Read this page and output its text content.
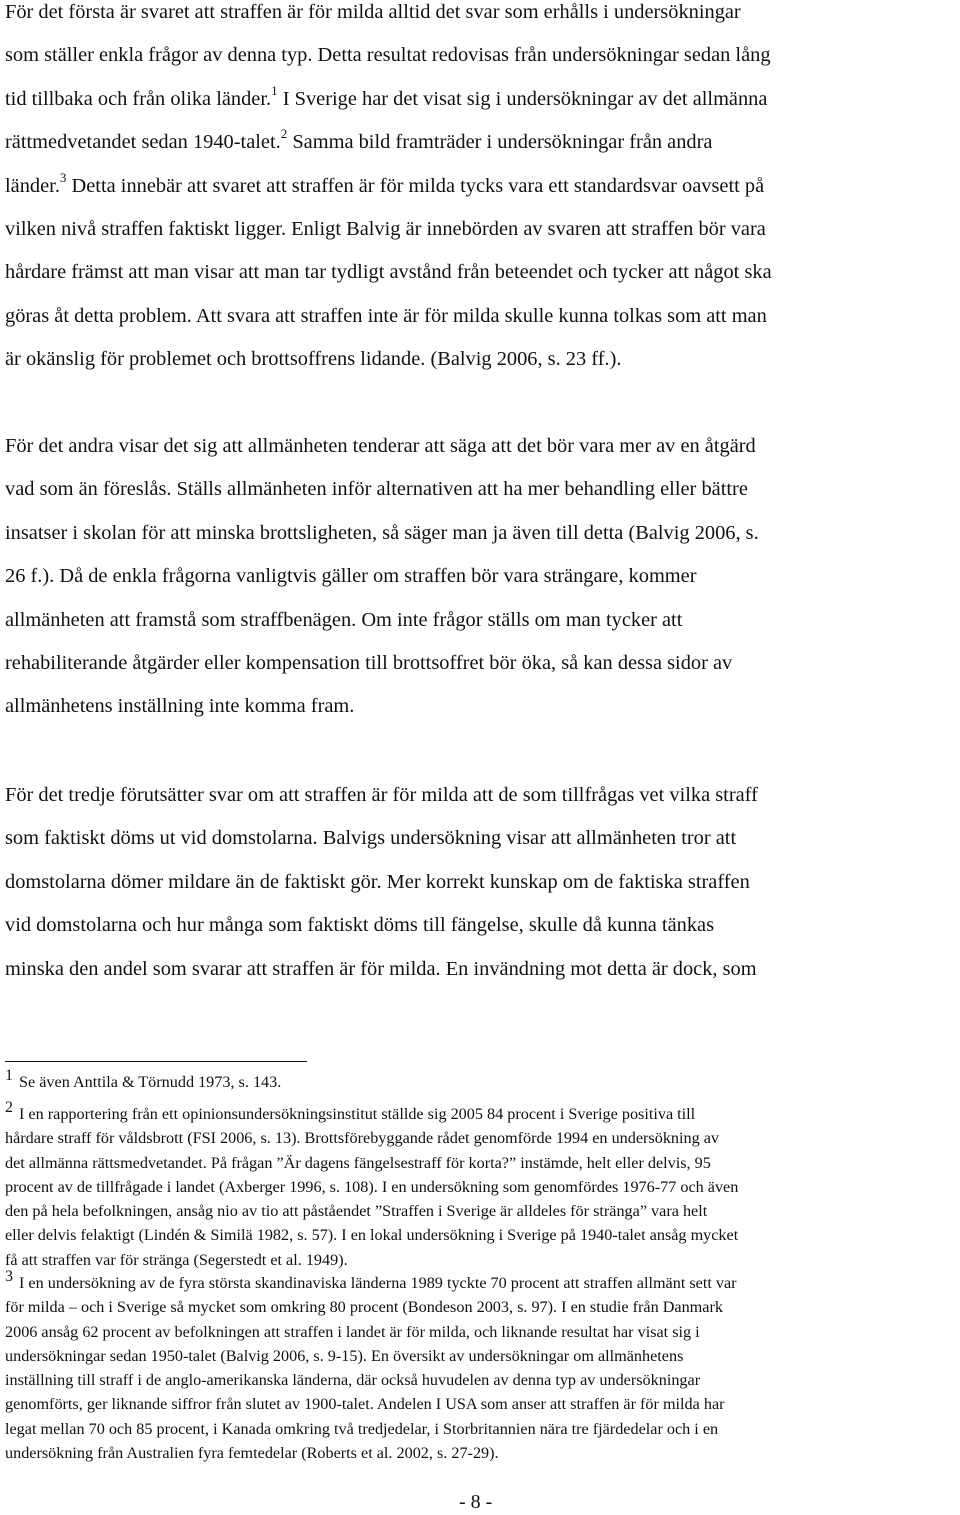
För det första är svaret att straffen är för milda alltid det svar som erhålls i undersökningar
som ställer enkla frågor av denna typ. Detta resultat redovisas från undersökningar sedan lång
tid tillbaka och från olika länder.$^1$ I Sverige har det visat sig i undersökningar av det allmänna
rättmedvetandet sedan 1940-talet.$^2$ Samma bild framträder i undersökningar från andra
länder.$^3$ Detta innebär att svaret att straffen är för milda tycks vara ett standardsvar oavsett på
vilken nivå straffen faktiskt ligger. Enligt Balvig är innebörden av svaren att straffen bör vara
hårdare främst att man visar att man tar tydligt avstånd från beteendet och tycker att något ska
göras åt detta problem. Att svara att straffen inte är för milda skulle kunna tolkas som att man
är okänslig för problemet och brottsoffrens lidande. (Balvig 2006, s. 23 ff.).

För det andra visar det sig att allmänheten tenderar att säga att det bör vara mer av en åtgärd
vad som än föreslås. Ställs allmänheten inför alternativen att ha mer behandling eller bättre
insatser i skolan för att minska brottsligheten, så säger man ja även till detta (Balvig 2006, s.
26 f.). Då de enkla frågorna vanligtvis gäller om straffen bör vara strängare, kommer
allmänheten att framstå som straffbenägen. Om inte frågor ställs om man tycker att
rehabiliterande åtgärder eller kompensation till brottsoffret bör öka, så kan dessa sidor av
allmänhetens inställning inte komma fram.

För det tredje förutsätter svar om att straffen är för milda att de som tillfrågas vet vilka straff
som faktiskt döms ut vid domstolarna. Balvigs undersökning visar att allmänheten tror att
domstolarna dömer mildare än de faktiskt gör. Mer korrekt kunskap om de faktiska straffen
vid domstolarna och hur många som faktiskt döms till fängelse, skulle då kunna tänkas
minska den andel som svarar att straffen är för milda. En invändning mot detta är dock, som

1 Se även Anttila & Törnudd 1973, s. 143.

2 I en rapportering från ett opinionsundersökningsinstitut ställde sig 2005 84 procent i Sverige positiva till
hårdare straff för våldsbrott (FSI 2006, s. 13). Brottsförebyggande rådet genomförde 1994 en undersökning av
det allmänna rättsmedvetandet. På frågan ”Är dagens fängelsestraff för korta?” instämde, helt eller delvis, 95
procent av de tillfrågade i landet (Axberger 1996, s. 108). I en undersökning som genomfördes 1976-77 och även
den på hela befolkningen, ansåg nio av tio att påståendet ”Straffen i Sverige är alldeles för stränga” vara helt
eller delvis felaktigt (Lindén & Similä 1982, s. 57). I en lokal undersökning i Sverige på 1940-talet ansåg mycket
få att straffen var för stränga (Segerstedt et al. 1949).

3 I en undersökning av de fyra största skandinaviska länderna 1989 tyckte 70 procent att straffen allmänt sett var
för milda – och i Sverige så mycket som omkring 80 procent (Bondeson 2003, s. 97). I en studie från Danmark
2006 ansåg 62 procent av befolkningen att straffen i landet är för milda, och liknande resultat har visat sig i
undersökningar sedan 1950-talet (Balvig 2006, s. 9-15). En översikt av undersökningar om allmänhetens
inställning till straff i de anglo-amerikanska länderna, där också huvudelen av denna typ av undersökningar
genomförts, ger liknande siffror från slutet av 1900-talet. Andelen I USA som anser att straffen är för milda har
legat mellan 70 och 85 procent, i Kanada omkring två tredjedelar, i Storbritannien nära tre fjärdedelar och i en
undersökning från Australien fyra femtedelar (Roberts et al. 2002, s. 27-29).

- 8 -
